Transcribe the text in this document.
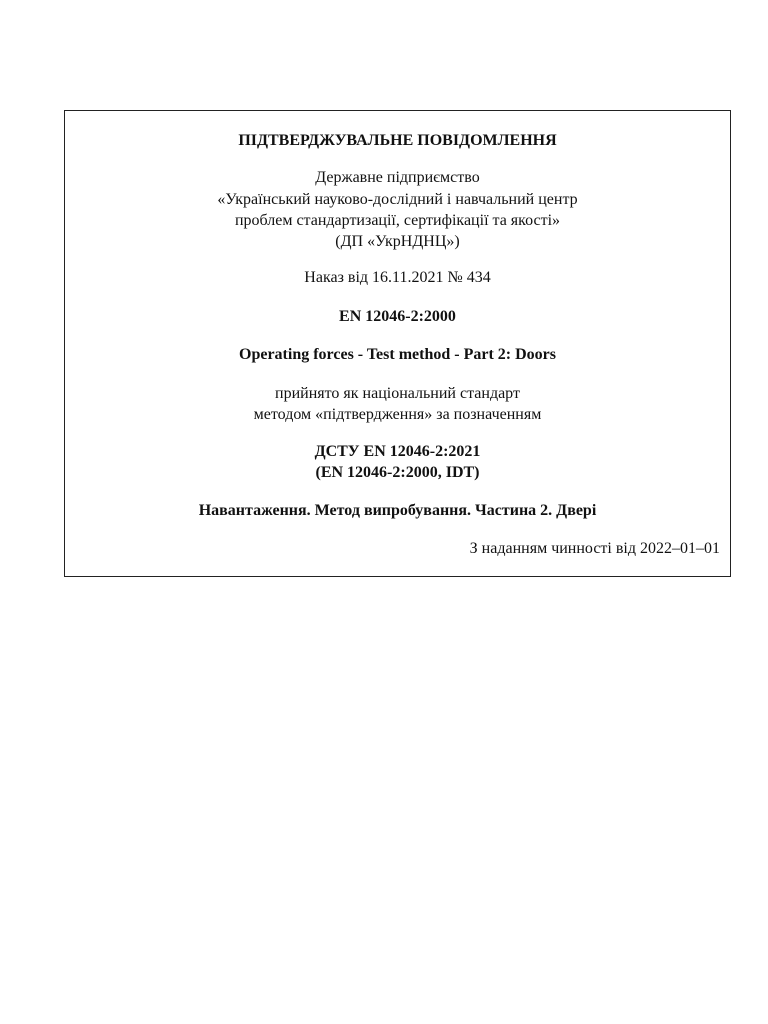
ПІДТВЕРДЖУВАЛЬНЕ ПОВІДОМЛЕННЯ
Державне підприємство
«Український науково-дослідний і навчальний центр
проблем стандартизації, сертифікації та якості»
(ДП «УкрНДНЦ»)
Наказ від 16.11.2021 № 434
EN 12046-2:2000
Operating forces - Test method - Part 2: Doors
прийнято як національний стандарт
методом «підтвердження» за позначенням
ДСТУ EN 12046-2:2021
(EN 12046-2:2000, IDT)
Навантаження. Метод випробування. Частина 2. Двері
З наданням чинності від 2022–01–01
